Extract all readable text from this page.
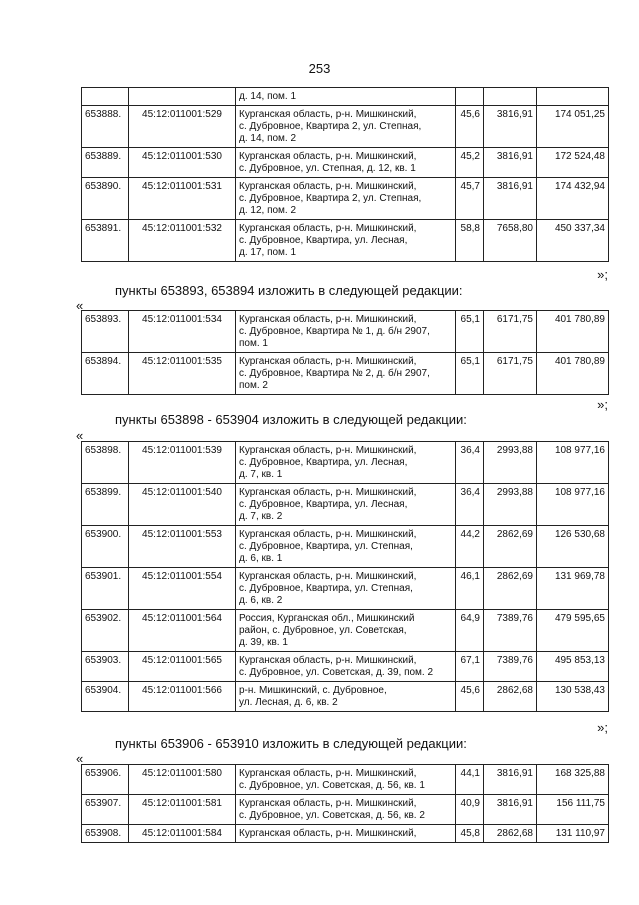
253
		д. 14, пом. 1			
653888.	45:12:011001:529	Курганская область, р-н. Мишкинский,
с. Дубровное, Квартира 2, ул. Степная,
д. 14, пом. 2	45,6	3816,91	174 051,25
653889.	45:12:011001:530	Курганская область, р-н. Мишкинский,
с. Дубровное, ул. Степная, д. 12, кв. 1	45,2	3816,91	172 524,48
653890.	45:12:011001:531	Курганская область, р-н. Мишкинский,
с. Дубровное, Квартира 2, ул. Степная,
д. 12, пом. 2	45,7	3816,91	174 432,94
653891.	45:12:011001:532	Курганская область, р-н. Мишкинский,
с. Дубровное, Квартира, ул. Лесная,
д. 17, пом. 1	58,8	7658,80	450 337,34
»;
пункты 653893, 653894 изложить в следующей редакции:
«
653893.	45:12:011001:534	Курганская область, р-н. Мишкинский,
с. Дубровное, Квартира № 1, д. б/н 2907,
пом. 1	65,1	6171,75	401 780,89
653894.	45:12:011001:535	Курганская область, р-н. Мишкинский,
с. Дубровное, Квартира № 2, д. б/н 2907,
пом. 2	65,1	6171,75	401 780,89
»;
пункты 653898 - 653904 изложить в следующей редакции:
«
653898.	45:12:011001:539	Курганская область, р-н. Мишкинский,
с. Дубровное, Квартира, ул. Лесная,
д. 7, кв. 1	36,4	2993,88	108 977,16
653899.	45:12:011001:540	Курганская область, р-н. Мишкинский,
с. Дубровное, Квартира, ул. Лесная,
д. 7, кв. 2	36,4	2993,88	108 977,16
653900.	45:12:011001:553	Курганская область, р-н. Мишкинский,
с. Дубровное, Квартира, ул. Степная,
д. 6, кв. 1	44,2	2862,69	126 530,68
653901.	45:12:011001:554	Курганская область, р-н. Мишкинский,
с. Дубровное, Квартира, ул. Степная,
д. 6, кв. 2	46,1	2862,69	131 969,78
653902.	45:12:011001:564	Россия, Курганская обл., Мишкинский
район, с. Дубровное, ул. Советская,
д. 39, кв. 1	64,9	7389,76	479 595,65
653903.	45:12:011001:565	Курганская область, р-н. Мишкинский,
с. Дубровное, ул. Советская, д. 39, пом. 2	67,1	7389,76	495 853,13
653904.	45:12:011001:566	р-н. Мишкинский, с. Дубровное,
ул. Лесная, д. 6, кв. 2	45,6	2862,68	130 538,43
»;
пункты 653906 - 653910 изложить в следующей редакции:
«
653906.	45:12:011001:580	Курганская область, р-н. Мишкинский,
с. Дубровное, ул. Советская, д. 56, кв. 1	44,1	3816,91	168 325,88
653907.	45:12:011001:581	Курганская область, р-н. Мишкинский,
с. Дубровное, ул. Советская, д. 56, кв. 2	40,9	3816,91	156 111,75
653908.	45:12:011001:584	Курганская область, р-н. Мишкинский,	45,8	2862,68	131 110,97
